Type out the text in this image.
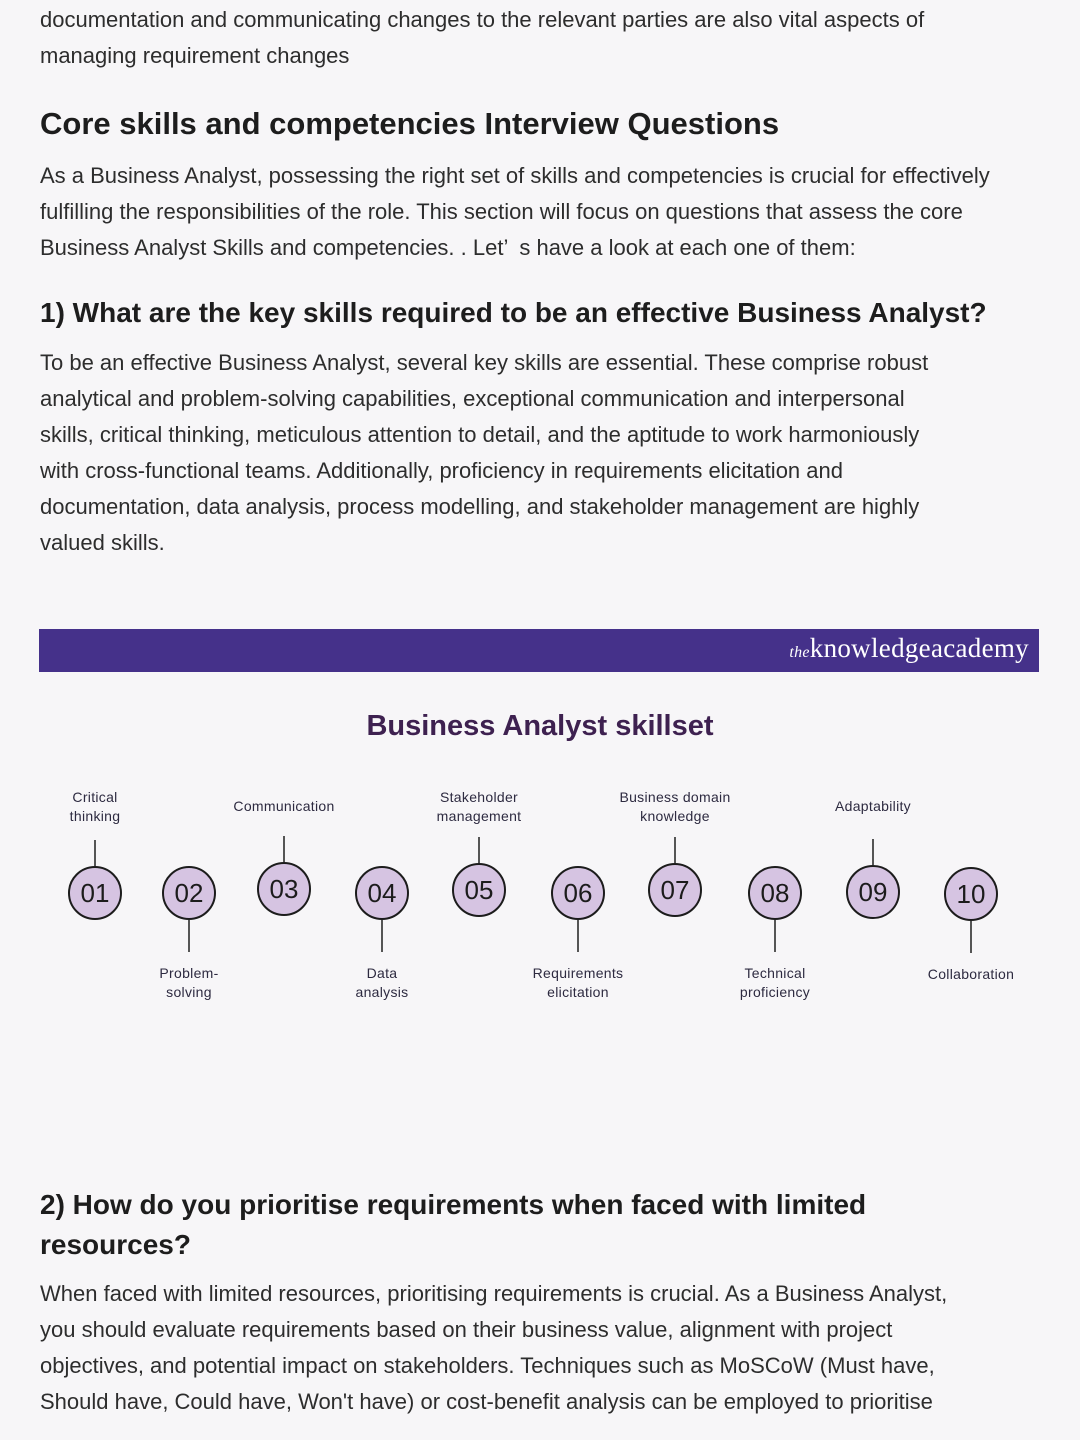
documentation and communicating changes to the relevant parties are also vital aspects of

managing requirement changes

Core skills and competencies Interview Questions

As a Business Analyst, possessing the right set of skills and competencies is crucial for effectively

fulfilling the responsibilities of the role. This section will focus on questions that assess the core

Business Analyst Skills and competencies. . Let’ s have a look at each one of them:

1) What are the key skills required to be an effective Business Analyst?

To be an effective Business Analyst, several key skills are essential. These comprise robust

analytical and problem-solving capabilities, exceptional communication and interpersonal

skills, critical thinking, meticulous attention to detail, and the aptitude to work harmoniously

with cross-functional teams. Additionally, proficiency in requirements elicitation and

documentation, data analysis, process modelling, and stakeholder management are highly

valued skills.

theknowledgeacademy
Business Analyst skillset
01
Critical
thinking
02
Problem-
solving
03
Communication
04
Data
analysis
05
Stakeholder
management
06
Requirements
elicitation
07
Business domain
knowledge
08
Technical
proficiency
09
Adaptability
10
Collaboration
2) How do you prioritise requirements when faced with limited
resources?

When faced with limited resources, prioritising requirements is crucial. As a Business Analyst,

you should evaluate requirements based on their business value, alignment with project

objectives, and potential impact on stakeholders. Techniques such as MoSCoW (Must have,

Should have, Could have, Won't have) or cost-benefit analysis can be employed to prioritise
